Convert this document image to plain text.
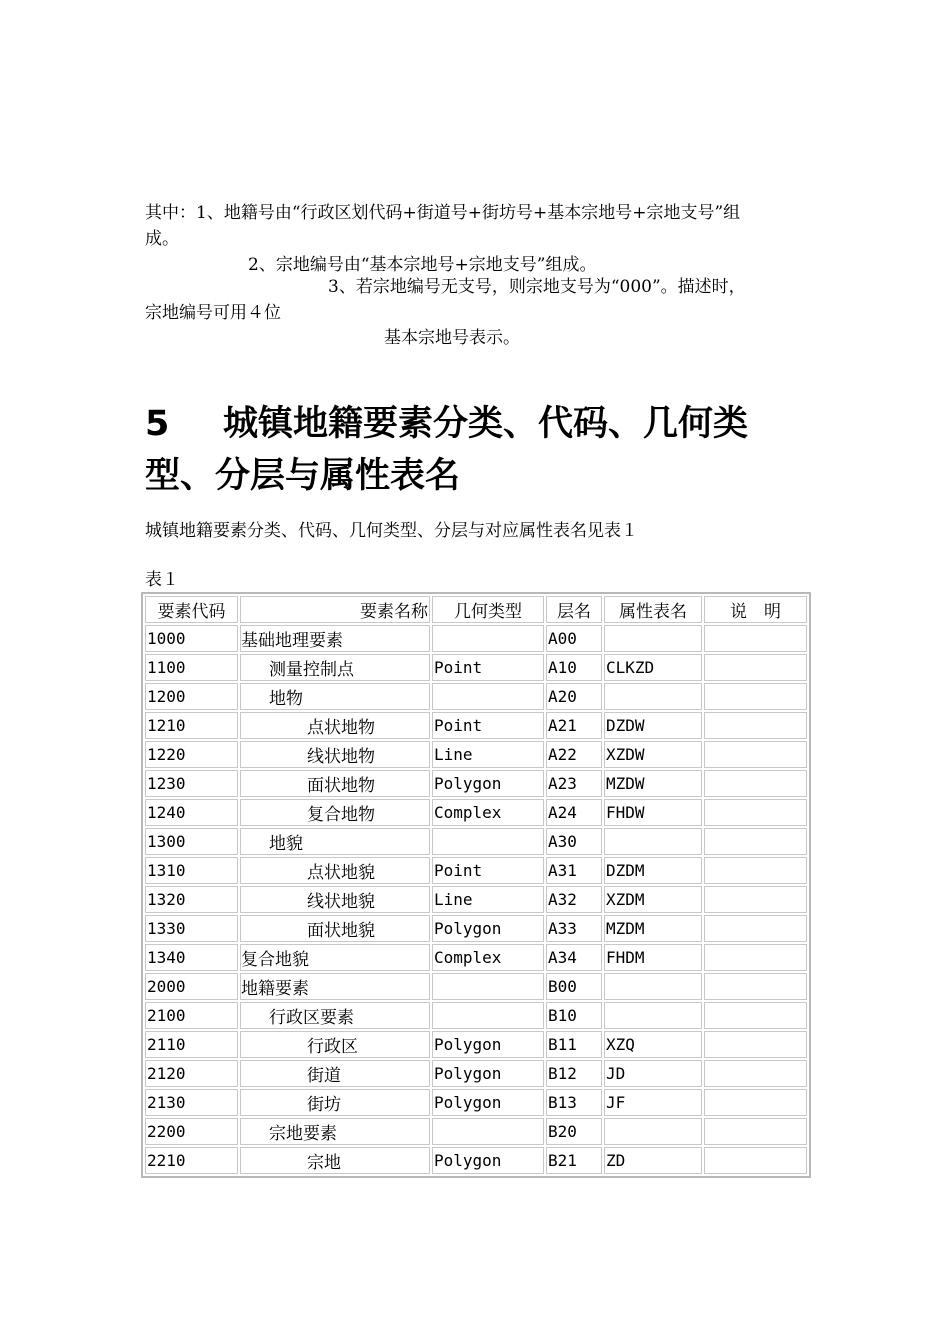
其中：1、地籍号由“行政区划代码+街道号+街坊号+基本宗地号+宗地支号”组
成。
2、宗地编号由“基本宗地号+宗地支号”组成。
3、若宗地编号无支号，则宗地支号为“000”。描述时，
宗地编号可用４位
基本宗地号表示。
5 城镇地籍要素分类、代码、几何类
型、分层与属性表名
城镇地籍要素分类、代码、几何类型、分层与对应属性表名见表１
表１
要素代码	要素名称	几何类型	层名	属性表名	说　明
1000	基础地理要素		A00		
1100	测量控制点	Point	A10	CLKZD	
1200	地物		A20		
1210	点状地物	Point	A21	DZDW	
1220	线状地物	Line	A22	XZDW	
1230	面状地物	Polygon	A23	MZDW	
1240	复合地物	Complex	A24	FHDW	
1300	地貌		A30		
1310	点状地貌	Point	A31	DZDM	
1320	线状地貌	Line	A32	XZDM	
1330	面状地貌	Polygon	A33	MZDM	
1340	复合地貌	Complex	A34	FHDM	
2000	地籍要素		B00		
2100	行政区要素		B10		
2110	行政区	Polygon	B11	XZQ	
2120	街道	Polygon	B12	JD	
2130	街坊	Polygon	B13	JF	
2200	宗地要素		B20		
2210	宗地	Polygon	B21	ZD	
